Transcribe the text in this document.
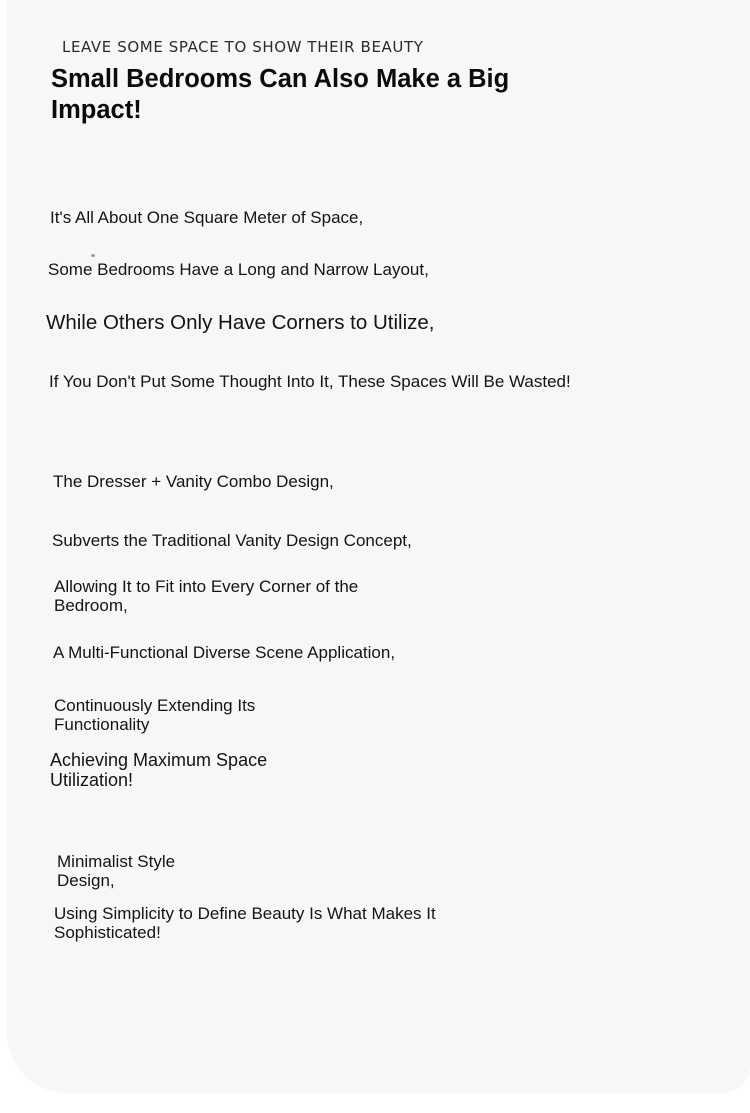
LEAVE SOME SPACE TO SHOW THEIR BEAUTY
Small Bedrooms Can Also Make a Big Impact!

It's All About One Square Meter of Space,

Some Bedrooms Have a Long and Narrow Layout,

While Others Only Have Corners to Utilize,

If You Don't Put Some Thought Into It, These Spaces Will Be Wasted!

The Dresser + Vanity Combo Design,

Subverts the Traditional Vanity Design Concept,

Allowing It to Fit into Every Corner of the Bedroom,

A Multi-Functional Diverse Scene Application,

Continuously Extending Its Functionality

Achieving Maximum Space Utilization!

Minimalist Style Design,

Using Simplicity to Define Beauty Is What Makes It Sophisticated!
